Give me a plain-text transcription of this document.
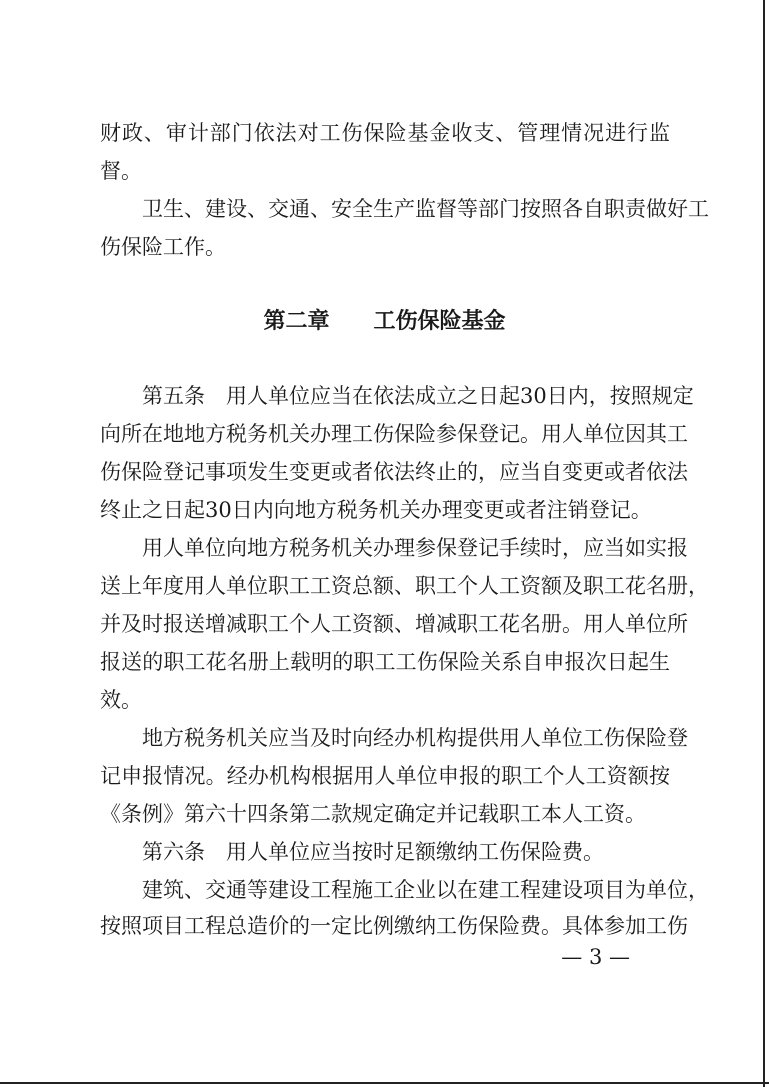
财政、审计部门依法对工伤保险基金收支、管理情况进行监
督。
卫生、建设、交通、安全生产监督等部门按照各自职责做好工
伤保险工作。
第二章　　工伤保险基金
第五条　用人单位应当在依法成立之日起30日内，按照规定
向所在地地方税务机关办理工伤保险参保登记。用人单位因其工
伤保险登记事项发生变更或者依法终止的，应当自变更或者依法
终止之日起30日内向地方税务机关办理变更或者注销登记。
用人单位向地方税务机关办理参保登记手续时，应当如实报
送上年度用人单位职工工资总额、职工个人工资额及职工花名册，
并及时报送增减职工个人工资额、增减职工花名册。用人单位所
报送的职工花名册上载明的职工工伤保险关系自申报次日起生
效。
地方税务机关应当及时向经办机构提供用人单位工伤保险登
记申报情况。经办机构根据用人单位申报的职工个人工资额按
《条例》第六十四条第二款规定确定并记载职工本人工资。
第六条　用人单位应当按时足额缴纳工伤保险费。
建筑、交通等建设工程施工企业以在建工程建设项目为单位，
按照项目工程总造价的一定比例缴纳工伤保险费。具体参加工伤
— 3 —
